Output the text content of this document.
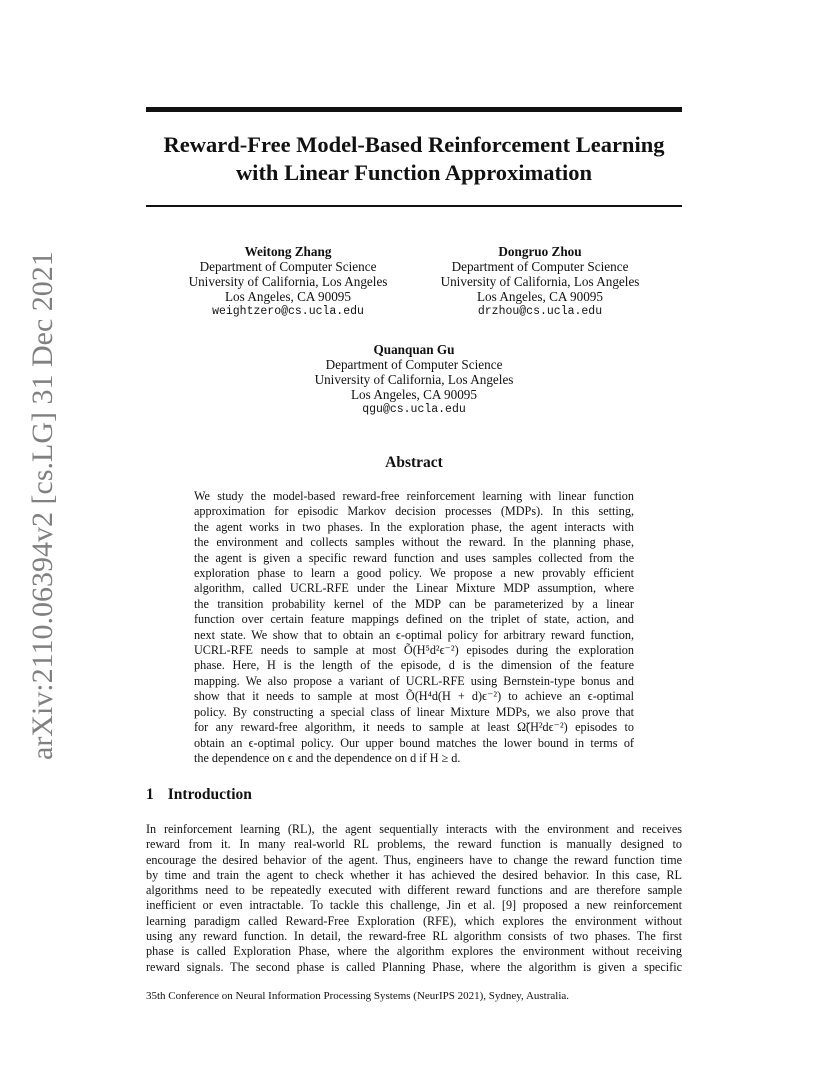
arXiv:2110.06394v2 [cs.LG] 31 Dec 2021
Reward-Free Model-Based Reinforcement Learning
with Linear Function Approximation
Weitong Zhang
Department of Computer Science
University of California, Los Angeles
Los Angeles, CA 90095
weightzero@cs.ucla.edu
Dongruo Zhou
Department of Computer Science
University of California, Los Angeles
Los Angeles, CA 90095
drzhou@cs.ucla.edu
Quanquan Gu
Department of Computer Science
University of California, Los Angeles
Los Angeles, CA 90095
qgu@cs.ucla.edu
Abstract
We study the model-based reward-free reinforcement learning with linear function
approximation for episodic Markov decision processes (MDPs). In this setting,
the agent works in two phases. In the exploration phase, the agent interacts with
the environment and collects samples without the reward. In the planning phase,
the agent is given a specific reward function and uses samples collected from the
exploration phase to learn a good policy. We propose a new provably efficient
algorithm, called UCRL-RFE under the Linear Mixture MDP assumption, where
the transition probability kernel of the MDP can be parameterized by a linear
function over certain feature mappings defined on the triplet of state, action, and
next state. We show that to obtain an ϵ-optimal policy for arbitrary reward function,
UCRL-RFE needs to sample at most Õ(H⁵d²ϵ⁻²) episodes during the exploration
phase. Here, H is the length of the episode, d is the dimension of the feature
mapping. We also propose a variant of UCRL-RFE using Bernstein-type bonus and
show that it needs to sample at most Õ(H⁴d(H + d)ϵ⁻²) to achieve an ϵ-optimal
policy. By constructing a special class of linear Mixture MDPs, we also prove that
for any reward-free algorithm, it needs to sample at least Ω̃(H²dϵ⁻²) episodes to
obtain an ϵ-optimal policy. Our upper bound matches the lower bound in terms of
the dependence on ϵ and the dependence on d if H ≥ d.
1 Introduction
In reinforcement learning (RL), the agent sequentially interacts with the environment and receives
reward from it. In many real-world RL problems, the reward function is manually designed to
encourage the desired behavior of the agent. Thus, engineers have to change the reward function time
by time and train the agent to check whether it has achieved the desired behavior. In this case, RL
algorithms need to be repeatedly executed with different reward functions and are therefore sample
inefficient or even intractable. To tackle this challenge, Jin et al. [9] proposed a new reinforcement
learning paradigm called Reward-Free Exploration (RFE), which explores the environment without
using any reward function. In detail, the reward-free RL algorithm consists of two phases. The first
phase is called Exploration Phase, where the algorithm explores the environment without receiving
reward signals. The second phase is called Planning Phase, where the algorithm is given a specific
35th Conference on Neural Information Processing Systems (NeurIPS 2021), Sydney, Australia.
